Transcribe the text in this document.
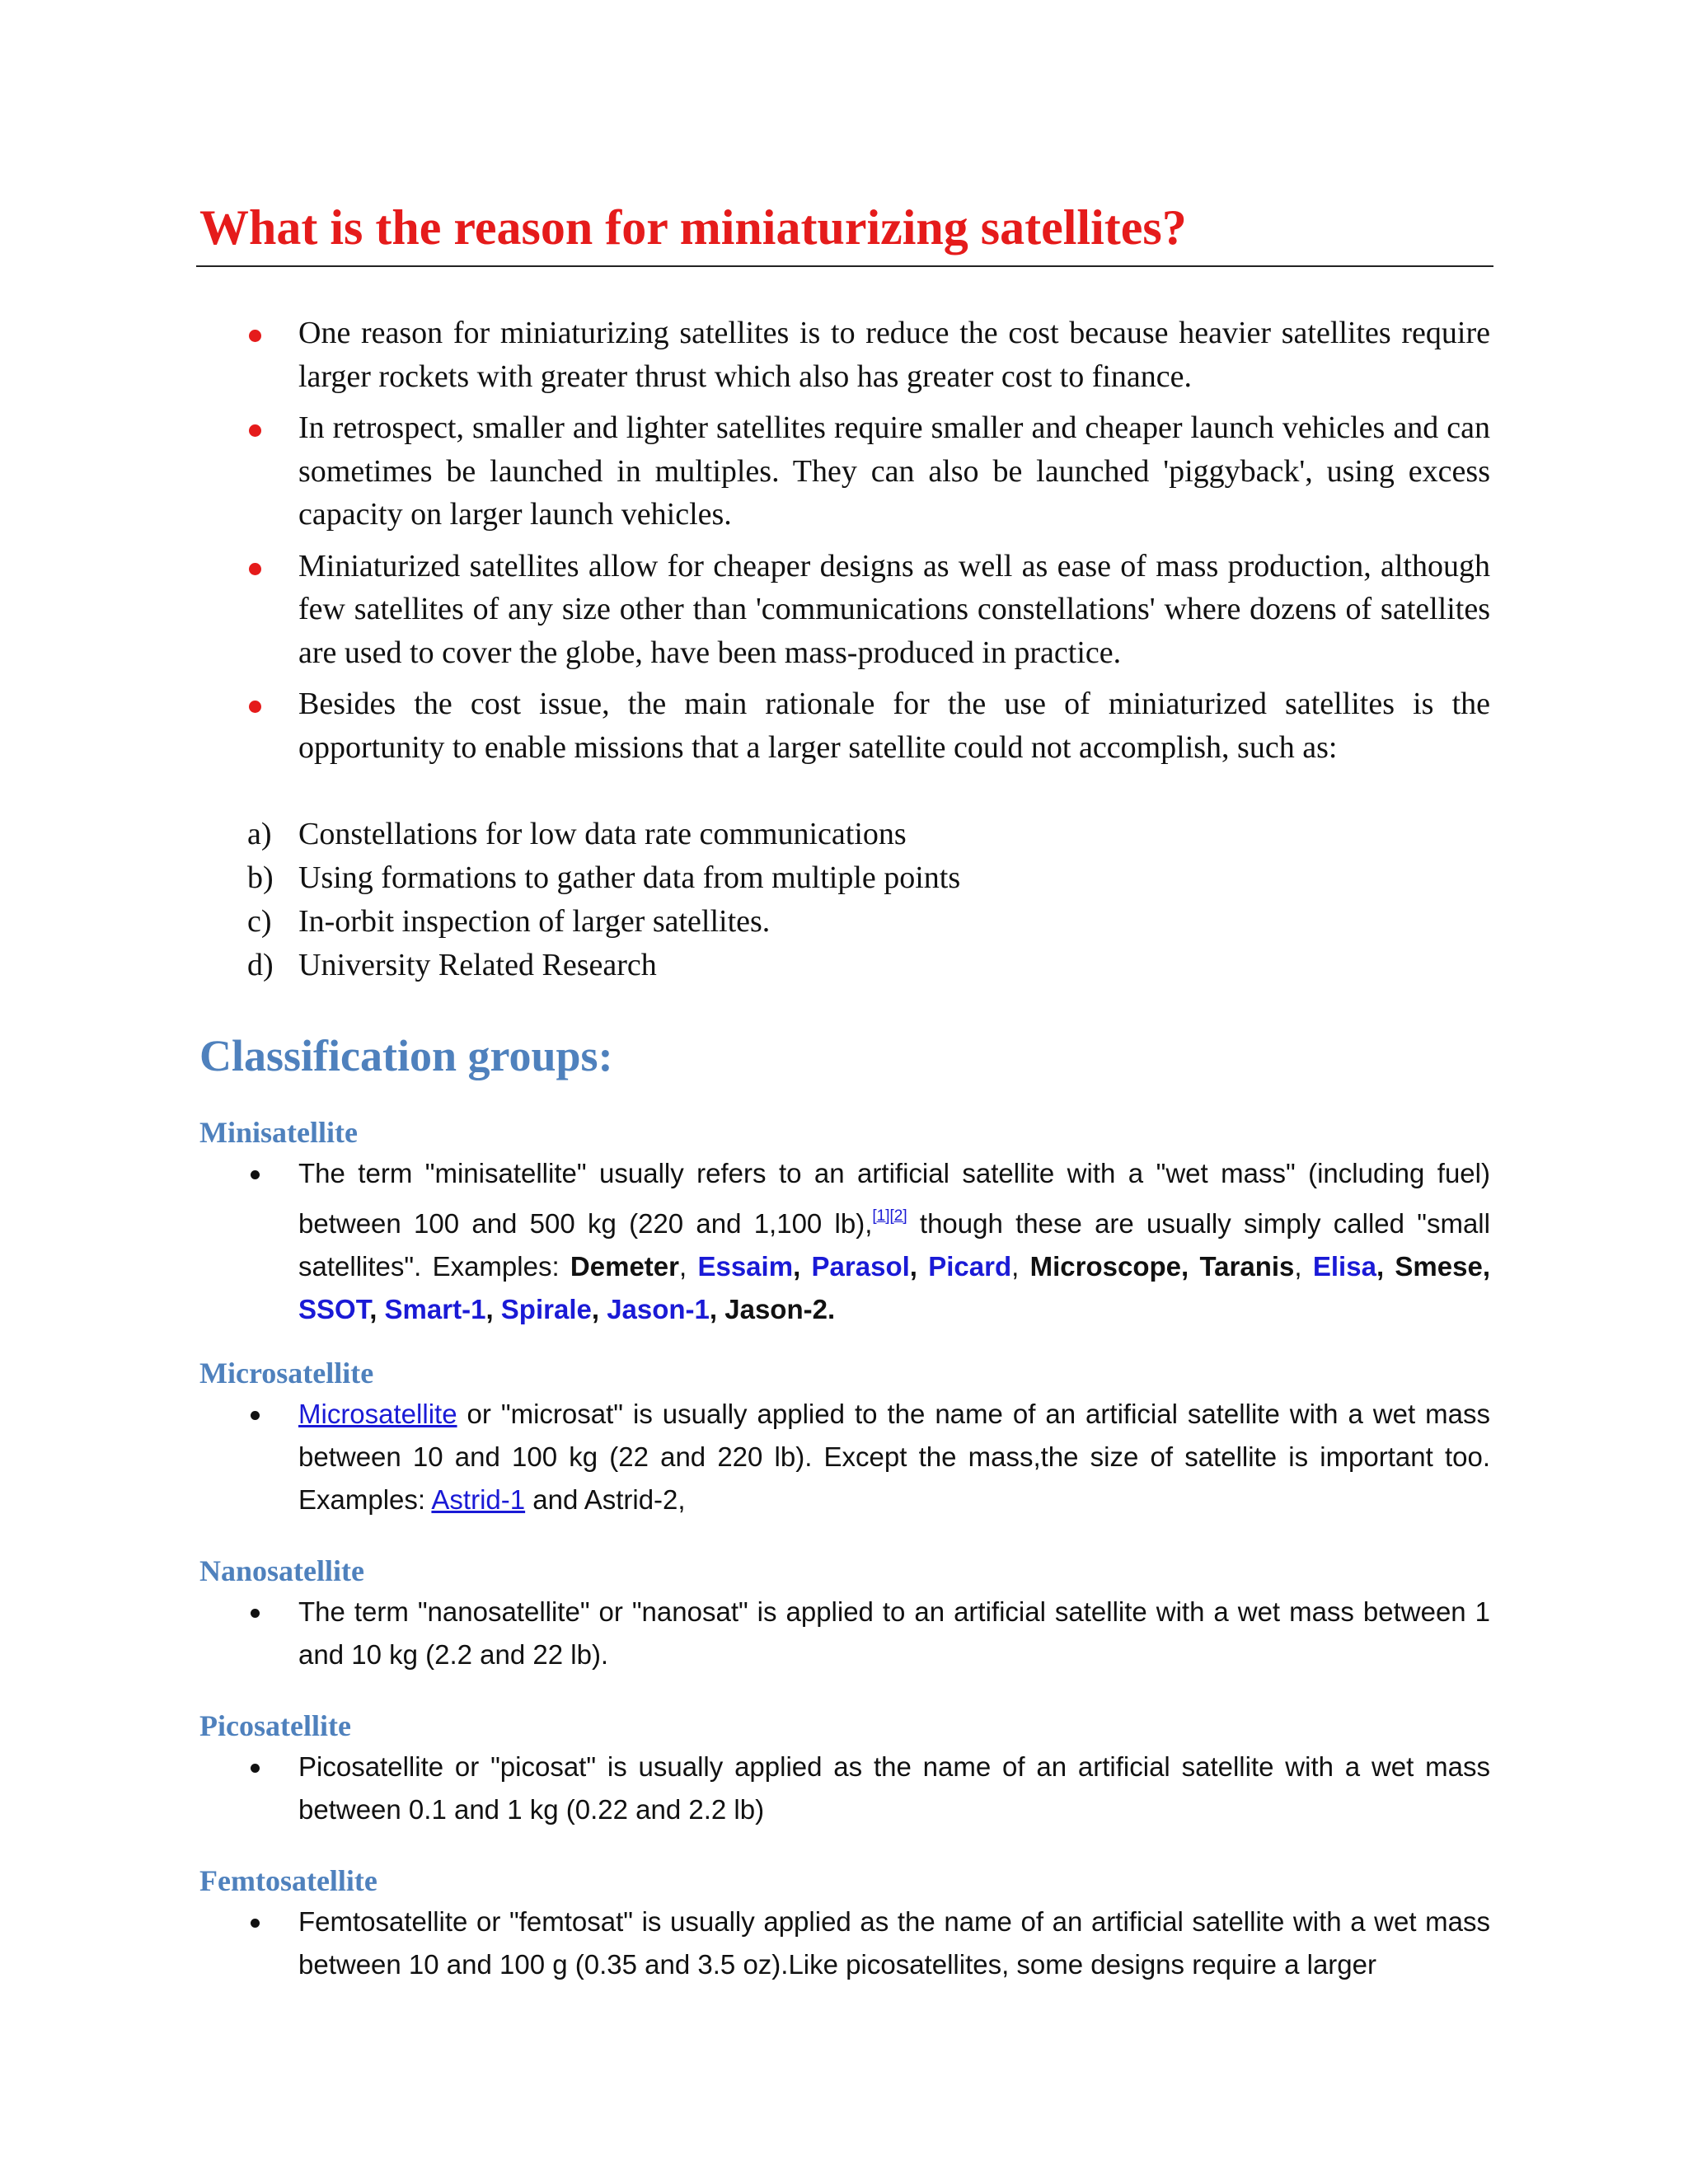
What is the reason for miniaturizing satellites?
One reason for miniaturizing satellites is to reduce the cost because heavier satellites require larger rockets with greater thrust which also has greater cost to finance.
In retrospect, smaller and lighter satellites require smaller and cheaper launch vehicles and can sometimes be launched in multiples. They can also be launched 'piggyback', using excess capacity on larger launch vehicles.
Miniaturized satellites allow for cheaper designs as well as ease of mass production, although few satellites of any size other than 'communications constellations' where dozens of satellites are used to cover the globe, have been mass-produced in practice.
Besides the cost issue, the main rationale for the use of miniaturized satellites is the opportunity to enable missions that a larger satellite could not accomplish, such as:
a) Constellations for low data rate communications
b) Using formations to gather data from multiple points
c) In-orbit inspection of larger satellites.
d) University Related Research
Classification groups:
Minisatellite
The term "minisatellite" usually refers to an artificial satellite with a "wet mass" (including fuel) between 100 and 500 kg (220 and 1,100 lb),[1][2] though these are usually simply called "small satellites". Examples: Demeter, Essaim, Parasol, Picard, Microscope, Taranis, Elisa, Smese, SSOT, Smart-1, Spirale, Jason-1, Jason-2.
Microsatellite
Microsatellite or "microsat" is usually applied to the name of an artificial satellite with a wet mass between 10 and 100 kg (22 and 220 lb). Except the mass,the size of satellite is important too. Examples: Astrid-1 and Astrid-2,
Nanosatellite
The term "nanosatellite" or "nanosat" is applied to an artificial satellite with a wet mass between 1 and 10 kg (2.2 and 22 lb).
Picosatellite
Picosatellite or "picosat" is usually applied as the name of an artificial satellite with a wet mass between 0.1 and 1 kg (0.22 and 2.2 lb)
Femtosatellite
Femtosatellite or "femtosat" is usually applied as the name of an artificial satellite with a wet mass between 10 and 100 g (0.35 and 3.5 oz).Like picosatellites, some designs require a larger
